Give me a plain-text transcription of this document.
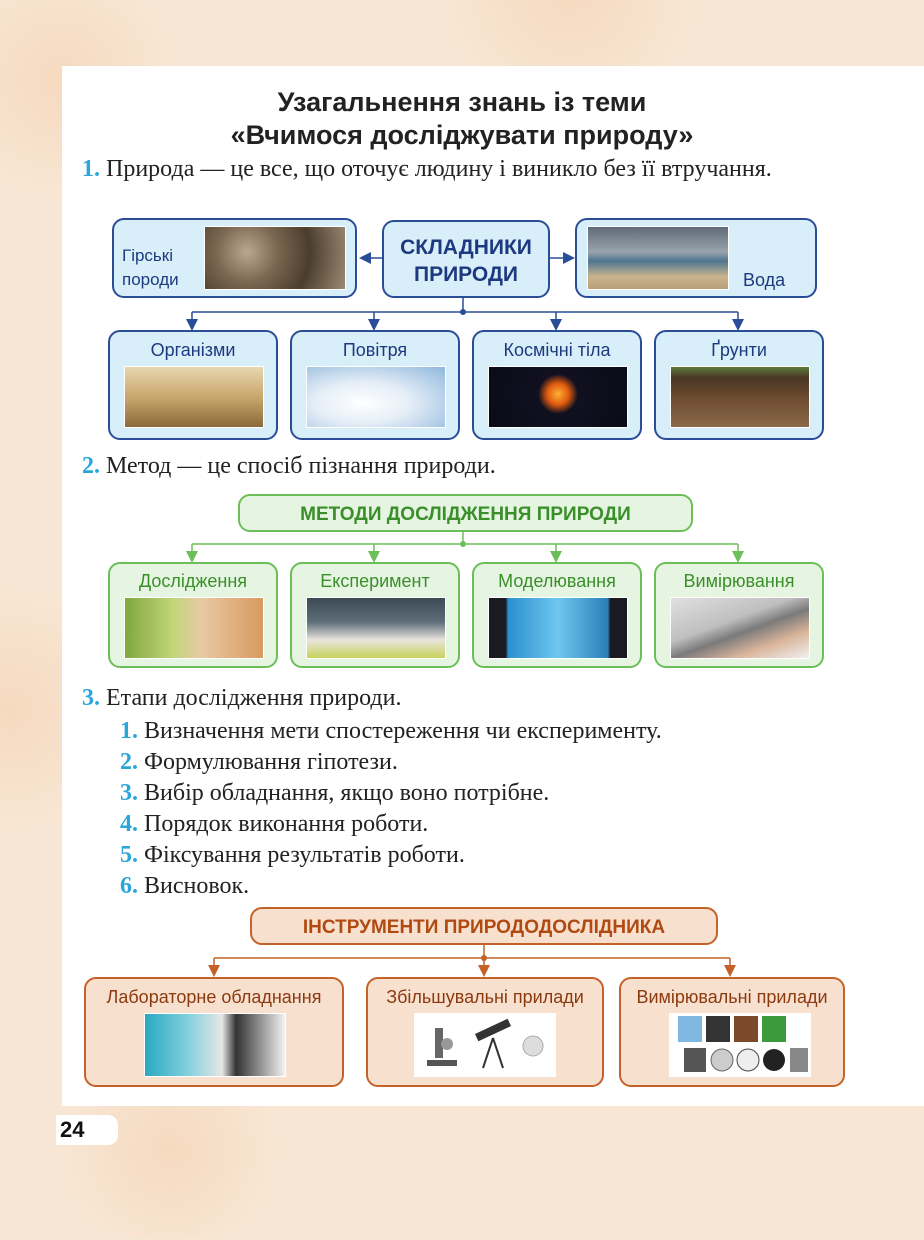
Узагальнення знань із теми
«Вчимося досліджувати природу»
1. Природа — це все, що оточує людину і виникло без її втручання.
Гірські
породи
СКЛАДНИКИ
ПРИРОДИ	Вода
Організми	Повітря	Космічні тіла	Ґрунти
2. Метод — це спосіб пізнання природи.
МЕТОДИ ДОСЛІДЖЕННЯ ПРИРОДИ
Дослідження	Експеримент	Моделювання	Вимірювання
3. Етапи дослідження природи.
1. Визначення мети спостереження чи експерименту.
2. Формулювання гіпотези.
3. Вибір обладнання, якщо воно потрібне.
4. Порядок виконання роботи.
5. Фіксування результатів роботи.
6. Висновок.
ІНСТРУМЕНТИ ПРИРОДОДОСЛІДНИКА
Лабораторне обладнання	Збільшувальні прилади	Вимірювальні прилади
24
